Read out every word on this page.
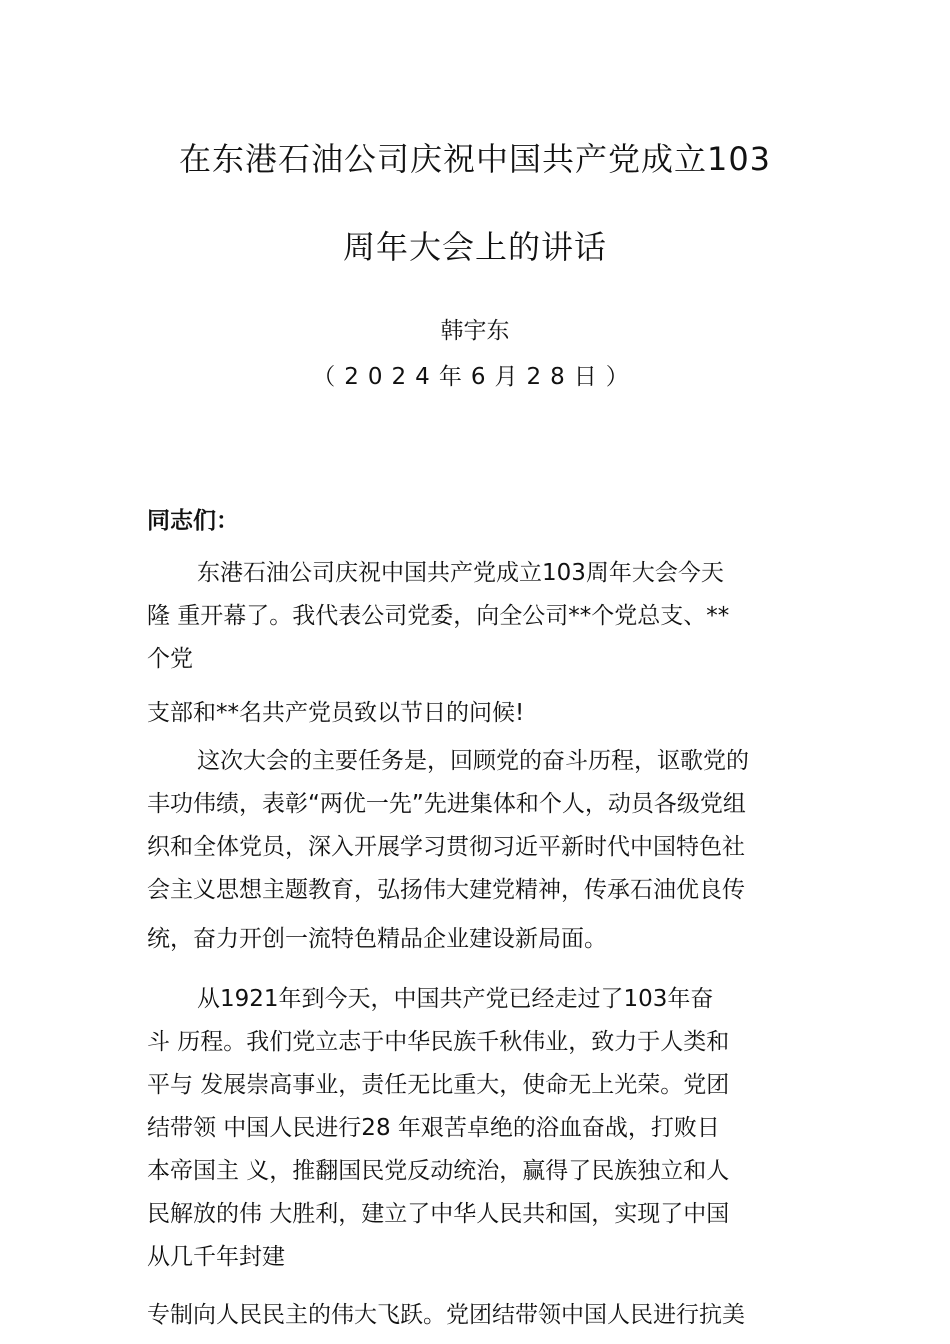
在东港石油公司庆祝中国共产党成立103
周年大会上的讲话
韩宇东
（2024年6月28日）
同志们：
东港石油公司庆祝中国共产党成立103周年大会今天
隆 重开幕了。我代表公司党委，向全公司**个党总支、**
个党
支部和**名共产党员致以节日的问候!
这次大会的主要任务是，回顾党的奋斗历程，讴歌党的
丰功伟绩，表彰“两优一先”先进集体和个人，动员各级党组
织和全体党员，深入开展学习贯彻习近平新时代中国特色社
会主义思想主题教育，弘扬伟大建党精神，传承石油优良传
统，奋力开创一流特色精品企业建设新局面。
从1921年到今天，中国共产党已经走过了103年奋
斗 历程。我们党立志于中华民族千秋伟业，致力于人类和
平与 发展崇高事业，责任无比重大，使命无上光荣。党团
结带领 中国人民进行28 年艰苦卓绝的浴血奋战，打败日
本帝国主 义，推翻国民党反动统治，赢得了民族独立和人
民解放的伟 大胜利，建立了中华人民共和国，实现了中国
从几千年封建
专制向人民民主的伟大飞跃。党团结带领中国人民进行抗美
